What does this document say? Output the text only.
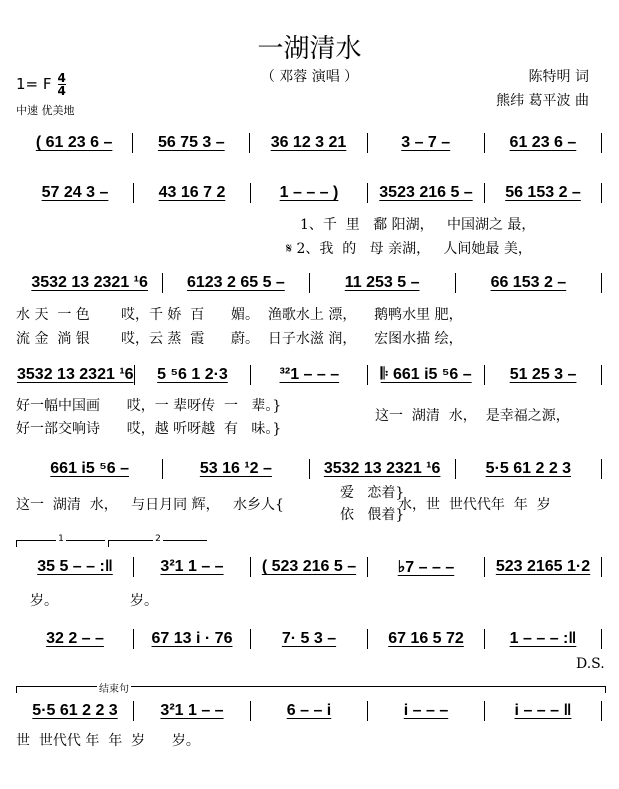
一湖清水
（ 邓蓉 演唱 ）
1= F $\frac{4}{4}$
中速 优美地
陈特明 词
熊纬 葛平波 曲
( 61 23 6 –	56 75 3 –	36 12 3 21	3 – 7 –	61 23 6 –
57 24 3 –	43 16 7 2	1 – – – )	3523 216 5 –	56 153 2 –
1、千  里   鄱 阳湖，   中国湖之 最，
𝄋 2、我  的   母 亲湖，   人间她最 美，
3532 13 2321 ¹6	6123 2 65 5 –	11 253 5 –	66 153 2 –
水 天  一 色       哎，千 娇  百      媚。  渔歌水上 漂，    鹅鸭水里 肥，
流 金  淌 银       哎，云 蒸  霞      蔚。  日子水滋 润，    宏图水描 绘，
3532 13 2321 ¹6	5 ⁵6 1 2·3	³²1 – – –	𝄆 661 i5 ⁵6 –	51 25 3 –
好一幅中国画      哎，一 辈呀传  一   辈。}
好一部交响诗      哎，越 听呀越  有   味。}
这一  湖清  水，  是幸福之源，
661 i5 ⁵6 –	53 16 ¹2 –	3532 13 2321 ¹6	5·5 61 2 2 3
这一  湖清  水，   与日月同 辉，   水乡人{
爱   恋着}
依   偎着}
水，世  世代代年  年  岁
35 5 – – :‖	3²1 1 – –	( 523 216 5 –	♭7 – – –	523 2165 1·2
岁。	岁。
1	2
32 2 – –	67 13 i · 76	7· 5 3 –	67 16 5 72	1 – – – :‖
D.S.
5·5 61 2 2 3	3²1 1 – –	6 – – i	i – – –	i – – – ‖
世  世代代 年  年  岁      岁。
结束句
